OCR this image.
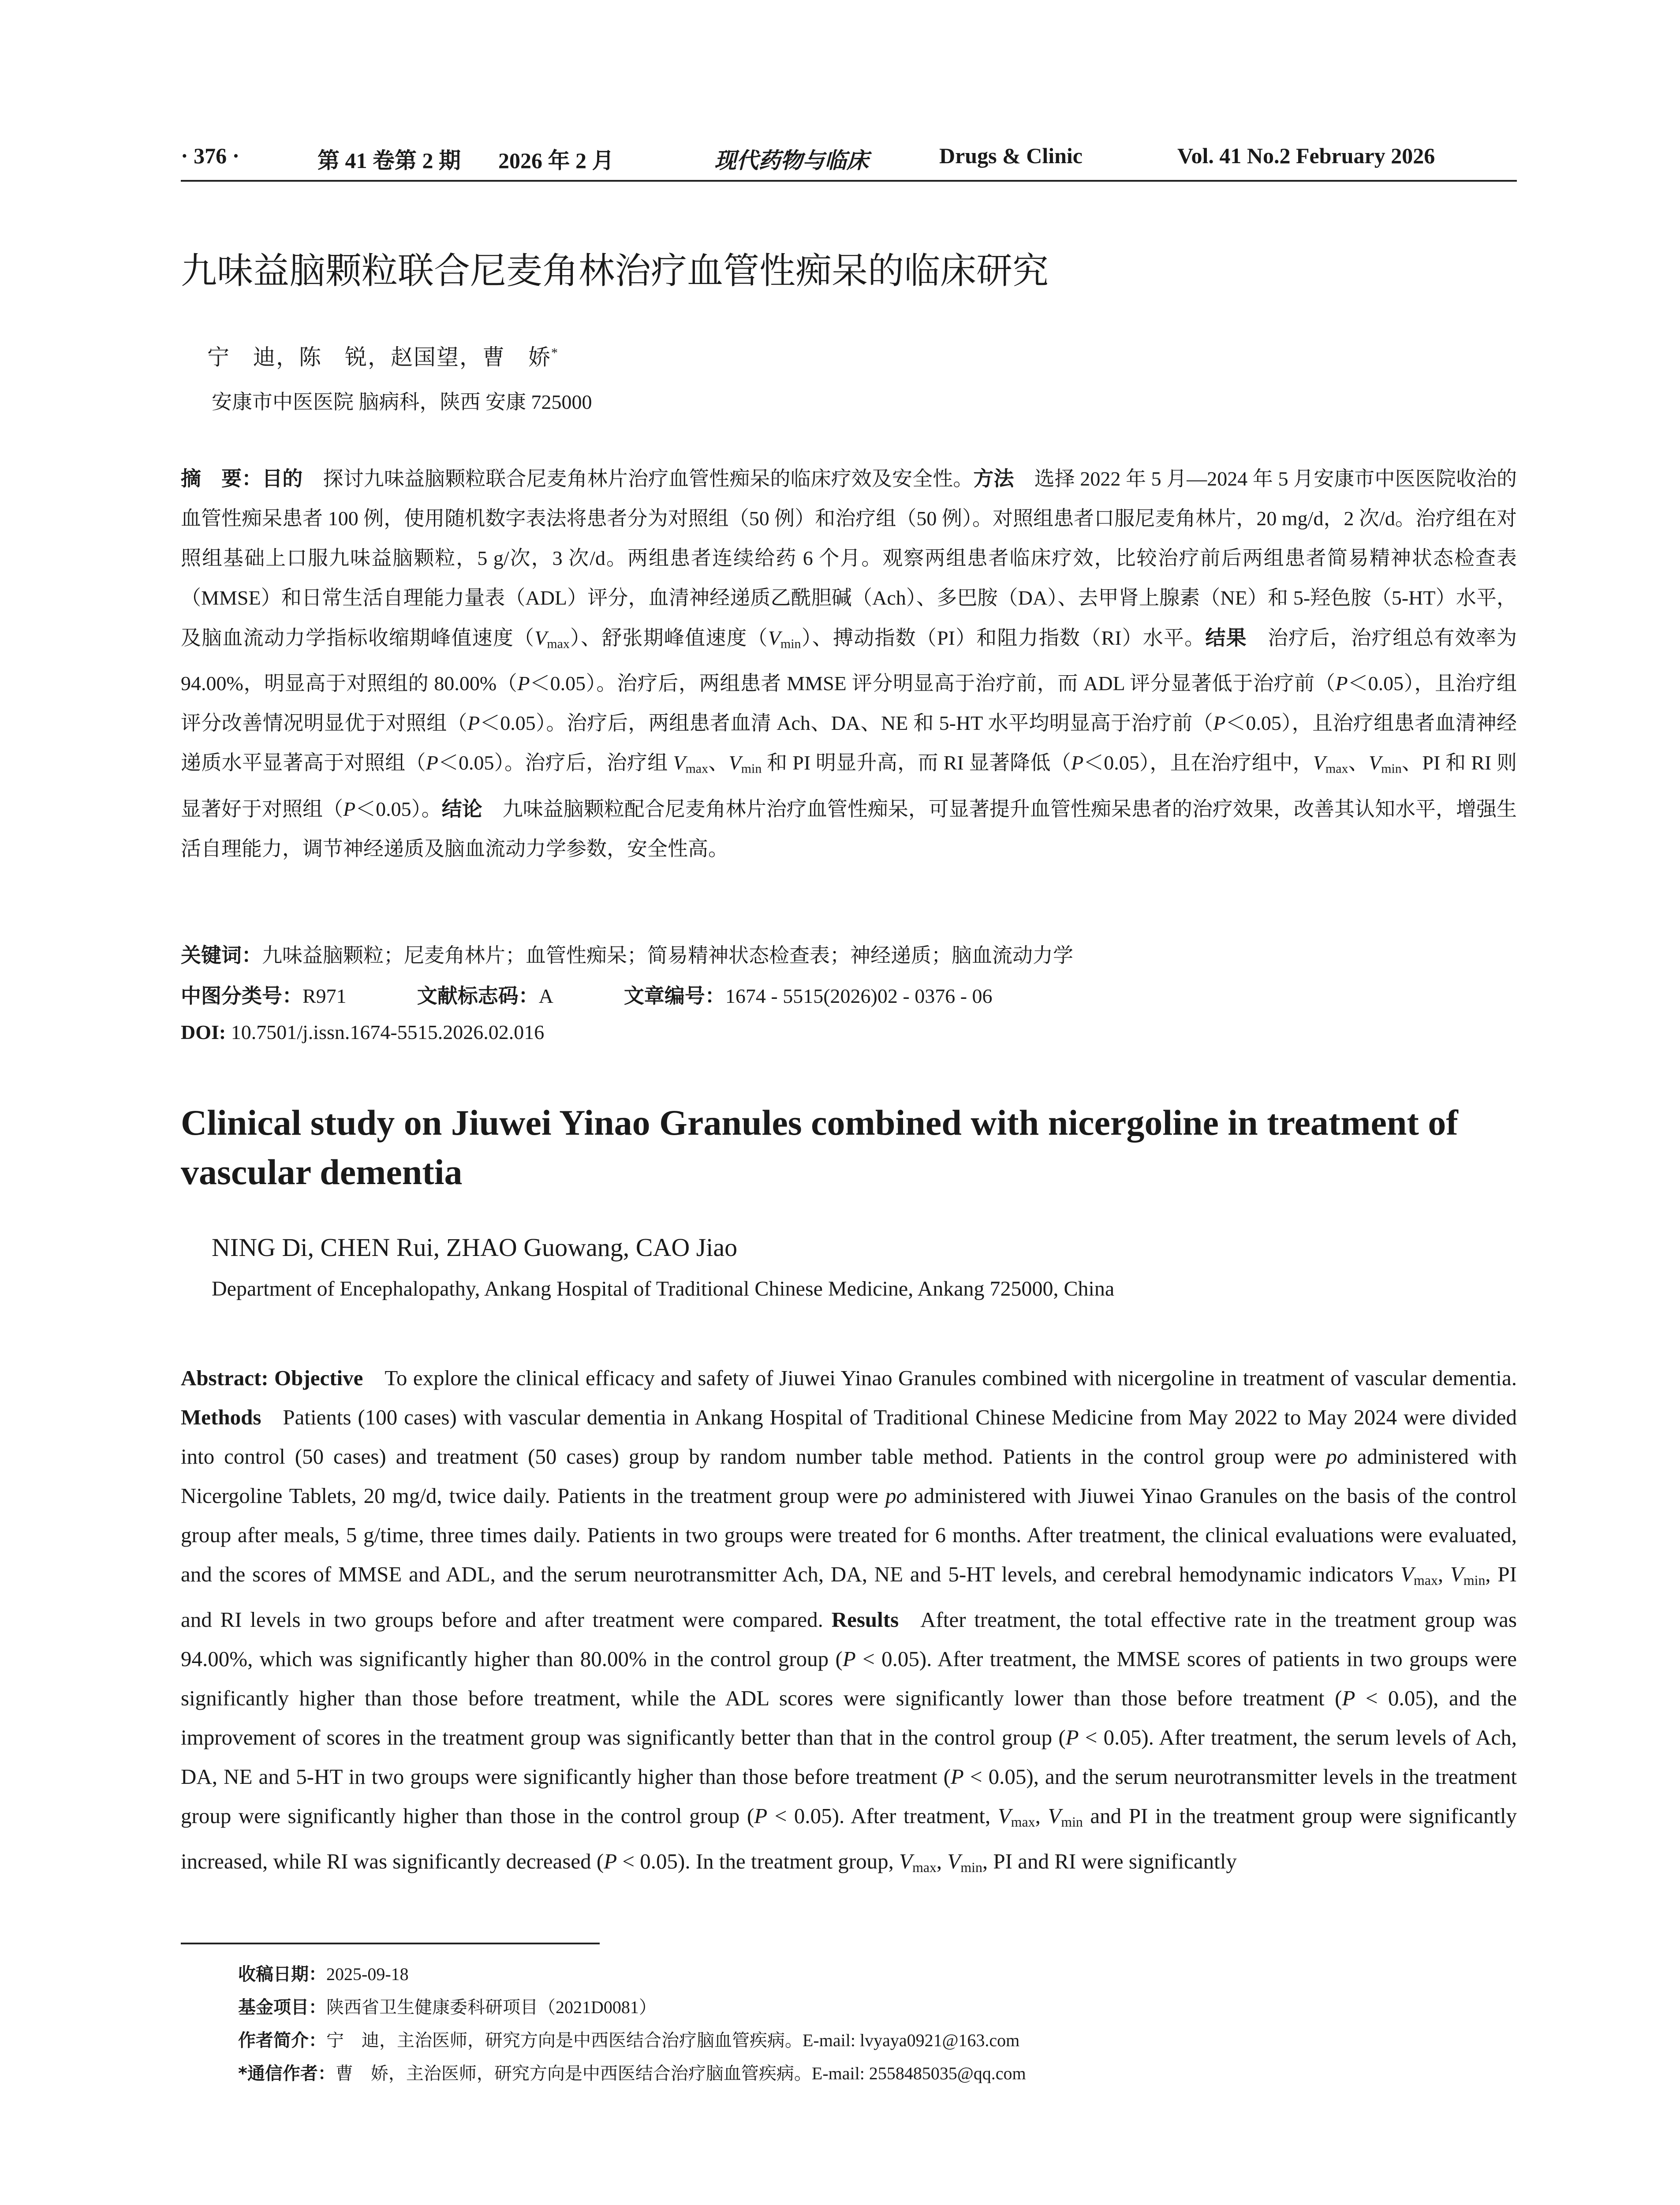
· 376 ·	第 41 卷第 2 期 2026 年 2 月	现代药物与临床	Drugs & Clinic	Vol. 41 No.2 February 2026
九味益脑颗粒联合尼麦角林治疗血管性痴呆的临床研究
宁　迪，陈　锐，赵国望，曹　娇*
安康市中医医院 脑病科，陕西 安康 725000
摘　要：目的  探讨九味益脑颗粒联合尼麦角林片治疗血管性痴呆的临床疗效及安全性。方法  选择 2022 年 5 月—2024 年 5 月安康市中医医院收治的血管性痴呆患者 100 例，使用随机数字表法将患者分为对照组（50 例）和治疗组（50 例）。对照组患者口服尼麦角林片，20 mg/d，2 次/d。治疗组在对照组基础上口服九味益脑颗粒，5 g/次，3 次/d。两组患者连续给药 6 个月。观察两组患者临床疗效，比较治疗前后两组患者简易精神状态检查表（MMSE）和日常生活自理能力量表（ADL）评分，血清神经递质乙酰胆碱（Ach）、多巴胺（DA）、去甲肾上腺素（NE）和 5-羟色胺（5-HT）水平，及脑血流动力学指标收缩期峰值速度$(V_{max})$、舒张期峰值速度$(V_{min})$、搏动指数（PI）和阻力指数（RI）水平。结果  治疗后，治疗组总有效率为 94.00%，明显高于对照组的 80.00%（P＜0.05）。治疗后，两组患者 MMSE 评分明显高于治疗前，而 ADL 评分显著低于治疗前（P＜0.05），且治疗组评分改善情况明显优于对照组（P＜0.05）。治疗后，两组患者血清 Ach、DA、NE 和 5-HT 水平均明显高于治疗前（P＜0.05），且治疗组患者血清神经递质水平显著高于对照组（P＜0.05）。治疗后，治疗组 $V_{max}$、$V_{min}$ 和 PI 明显升高，而 RI 显著降低（P＜0.05），且在治疗组中，$V_{max}$、$V_{min}$、PI 和 RI 则显著好于对照组（P＜0.05）。结论  九味益脑颗粒配合尼麦角林片治疗血管性痴呆，可显著提升血管性痴呆患者的治疗效果，改善其认知水平，增强生活自理能力，调节神经递质及脑血流动力学参数，安全性高。
关键词：九味益脑颗粒；尼麦角林片；血管性痴呆；简易精神状态检查表；神经递质；脑血流动力学
中图分类号：R971	文献标志码：A	文章编号：1674 - 5515(2026)02 - 0376 - 06
DOI: 10.7501/j.issn.1674-5515.2026.02.016
Clinical study on Jiuwei Yinao Granules combined with nicergoline in treatment of vascular dementia
NING Di, CHEN Rui, ZHAO Guowang, CAO Jiao
Department of Encephalopathy, Ankang Hospital of Traditional Chinese Medicine, Ankang 725000, China
Abstract: Objective   To explore the clinical efficacy and safety of Jiuwei Yinao Granules combined with nicergoline in treatment of vascular dementia. Methods   Patients (100 cases) with vascular dementia in Ankang Hospital of Traditional Chinese Medicine from May 2022 to May 2024 were divided into control (50 cases) and treatment (50 cases) group by random number table method. Patients in the control group were po administered with Nicergoline Tablets, 20 mg/d, twice daily. Patients in the treatment group were po administered with Jiuwei Yinao Granules on the basis of the control group after meals, 5 g/time, three times daily. Patients in two groups were treated for 6 months. After treatment, the clinical evaluations were evaluated, and the scores of MMSE and ADL, and the serum neurotransmitter Ach, DA, NE and 5-HT levels, and cerebral hemodynamic indicators $V_{max}$, $V_{min}$, PI and RI levels in two groups before and after treatment were compared. Results   After treatment, the total effective rate in the treatment group was 94.00%, which was significantly higher than 80.00% in the control group (P < 0.05). After treatment, the MMSE scores of patients in two groups were significantly higher than those before treatment, while the ADL scores were significantly lower than those before treatment (P < 0.05), and the improvement of scores in the treatment group was significantly better than that in the control group (P < 0.05). After treatment, the serum levels of Ach, DA, NE and 5-HT in two groups were significantly higher than those before treatment (P < 0.05), and the serum neurotransmitter levels in the treatment group were significantly higher than those in the control group (P < 0.05). After treatment, $V_{max}$, $V_{min}$ and PI in the treatment group were significantly increased, while RI was significantly decreased (P < 0.05). In the treatment group, $V_{max}$, $V_{min}$, PI and RI were significantly
收稿日期：2025-09-18
基金项目：陕西省卫生健康委科研项目（2021D0081）
作者简介：宁　迪，主治医师，研究方向是中西医结合治疗脑血管疾病。E-mail: lvyaya0921@163.com
*通信作者：曹　娇，主治医师，研究方向是中西医结合治疗脑血管疾病。E-mail: 2558485035@qq.com
